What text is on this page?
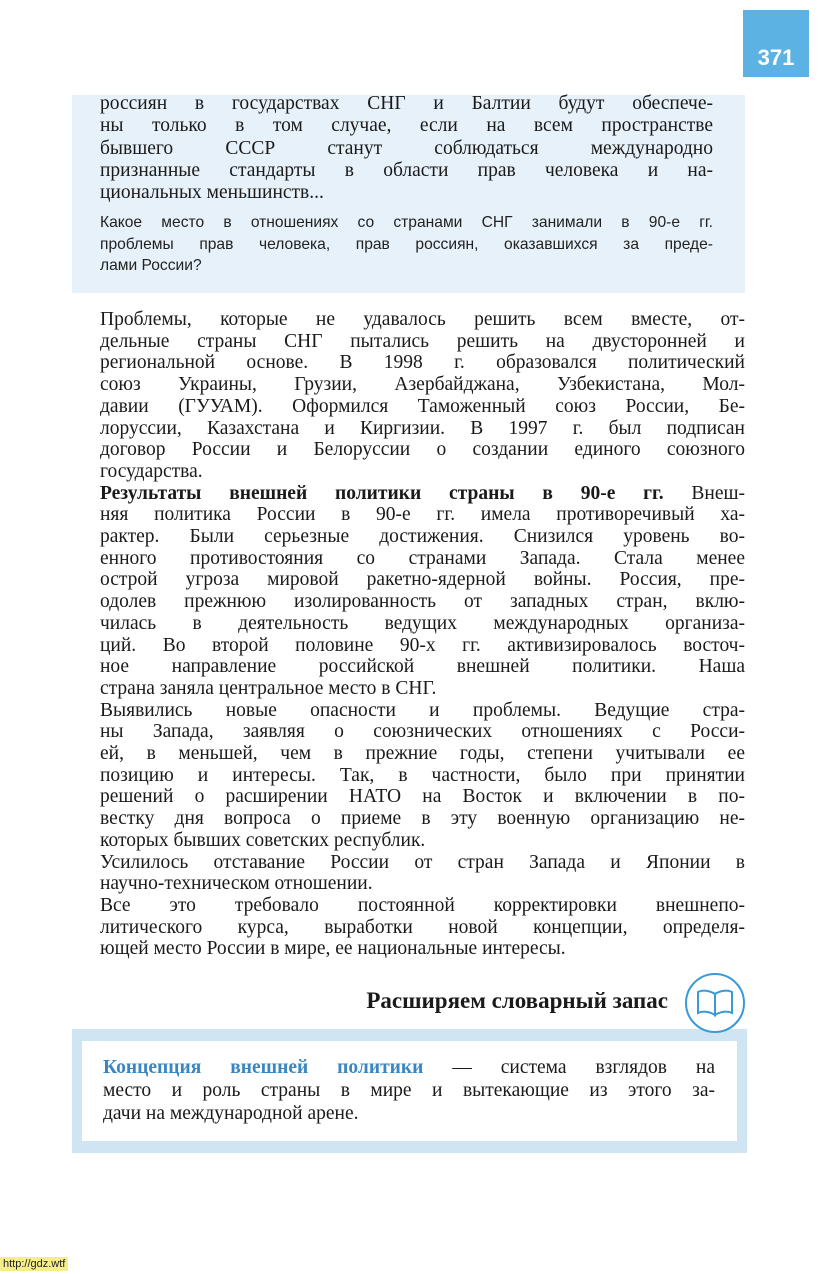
371
россиян в государствах СНГ и Балтии будут обеспече-
ны только в том случае, если на всем пространстве
бывшего СССР станут соблюдаться международно
признанные стандарты в области прав человека и на-
циональных меньшинств...
Какое место в отношениях со странами СНГ занимали в 90-е гг.
проблемы прав человека, прав россиян, оказавшихся за преде-
лами России?
Проблемы, которые не удавалось решить всем вместе, от-
дельные страны СНГ пытались решить на двусторонней и
региональной основе. В 1998 г. образовался политический
союз Украины, Грузии, Азербайджана, Узбекистана, Мол-
давии (ГУУАМ). Оформился Таможенный союз России, Бе-
лоруссии, Казахстана и Киргизии. В 1997 г. был подписан
договор России и Белоруссии о создании единого союзного
государства.
Результаты внешней политики страны в 90-е гг. Внеш-
няя политика России в 90-е гг. имела противоречивый ха-
рактер. Были серьезные достижения. Снизился уровень во-
енного противостояния со странами Запада. Стала менее
острой угроза мировой ракетно-ядерной войны. Россия, пре-
одолев прежнюю изолированность от западных стран, вклю-
чилась в деятельность ведущих международных организа-
ций. Во второй половине 90-х гг. активизировалось восточ-
ное направление российской внешней политики. Наша
страна заняла центральное место в СНГ.
Выявились новые опасности и проблемы. Ведущие стра-
ны Запада, заявляя о союзнических отношениях с Росси-
ей, в меньшей, чем в прежние годы, степени учитывали ее
позицию и интересы. Так, в частности, было при принятии
решений о расширении НАТО на Восток и включении в по-
вестку дня вопроса о приеме в эту военную организацию не-
которых бывших советских республик.
Усилилось отставание России от стран Запада и Японии в
научно-техническом отношении.
Все это требовало постоянной корректировки внешнепо-
литического курса, выработки новой концепции, определя-
ющей место России в мире, ее национальные интересы.
Расширяем словарный запас
Концепция внешней политики — система взглядов на
место и роль страны в мире и вытекающие из этого за-
дачи на международной арене.
http://gdz.wtf
